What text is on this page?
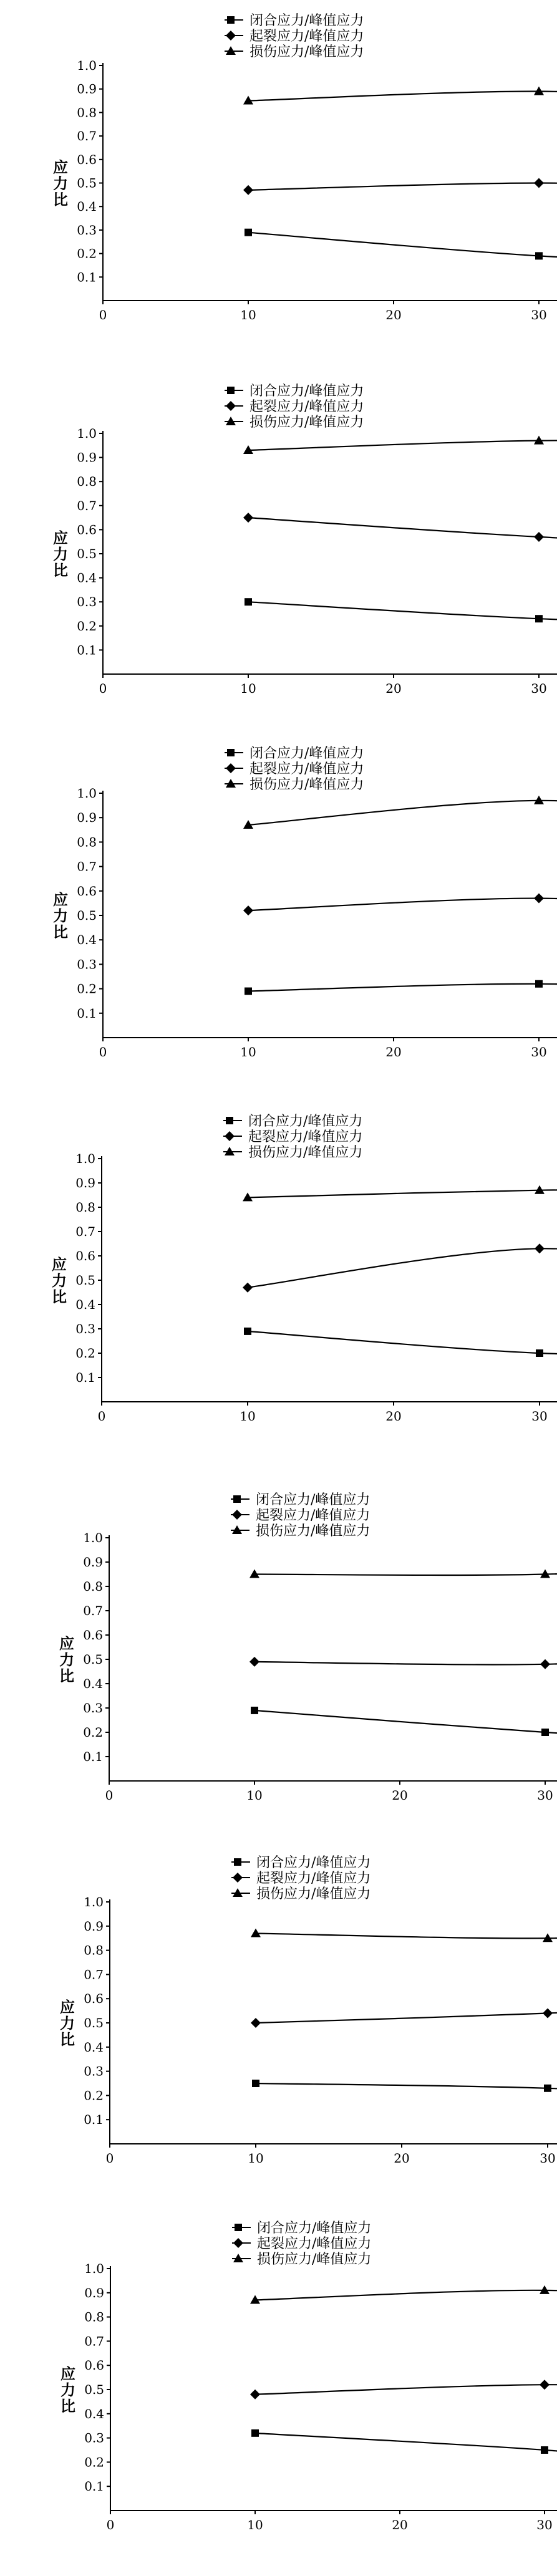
闭合应力/峰值应力
起裂应力/峰值应力
损伤应力/峰值应力
0.1
0.2
0.3
0.4
0.5
0.6
0.7
0.8
0.9
1.0
0	10	20	30
应力比
闭合应力/峰值应力
起裂应力/峰值应力
损伤应力/峰值应力
0.1
0.2
0.3
0.4
0.5
0.6
0.7
0.8
0.9
1.0
0	10	20	30
应力比
闭合应力/峰值应力
起裂应力/峰值应力
损伤应力/峰值应力
0.1
0.2
0.3
0.4
0.5
0.6
0.7
0.8
0.9
1.0
0	10	20	30
应力比
闭合应力/峰值应力
起裂应力/峰值应力
损伤应力/峰值应力
0.1
0.2
0.3
0.4
0.5
0.6
0.7
0.8
0.9
1.0
0	10	20	30
应力比
闭合应力/峰值应力
起裂应力/峰值应力
损伤应力/峰值应力
0.1
0.2
0.3
0.4
0.5
0.6
0.7
0.8
0.9
1.0
0	10	20	30
应力比
闭合应力/峰值应力
起裂应力/峰值应力
损伤应力/峰值应力
0.1
0.2
0.3
0.4
0.5
0.6
0.7
0.8
0.9
1.0
0	10	20	30
应力比
闭合应力/峰值应力
起裂应力/峰值应力
损伤应力/峰值应力
0.1
0.2
0.3
0.4
0.5
0.6
0.7
0.8
0.9
1.0
0	10	20	30
应力比
